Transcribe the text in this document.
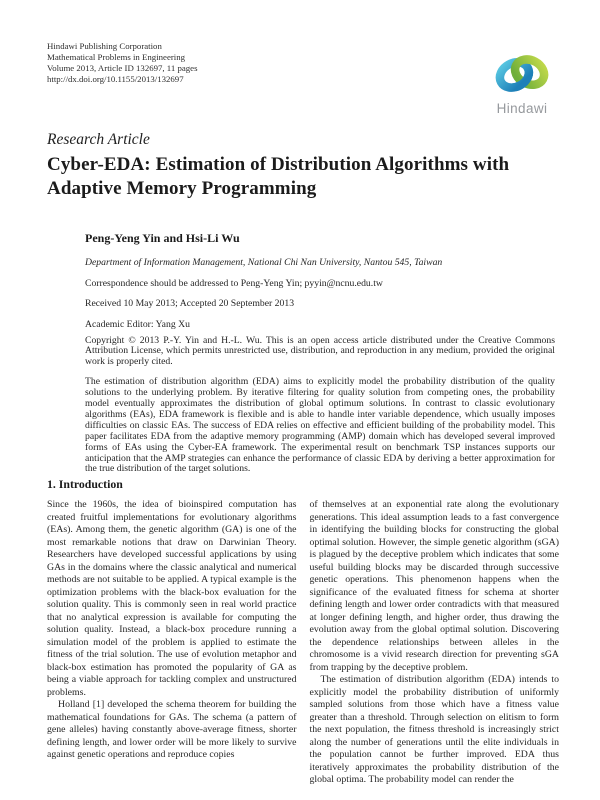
Hindawi Publishing Corporation
Mathematical Problems in Engineering
Volume 2013, Article ID 132697, 11 pages
http://dx.doi.org/10.1155/2013/132697
Hindawi
Research Article
Cyber-EDA: Estimation of Distribution Algorithms with Adaptive Memory Programming

Peng-Yeng Yin and Hsi-Li Wu

Department of Information Management, National Chi Nan University, Nantou 545, Taiwan

Correspondence should be addressed to Peng-Yeng Yin; pyyin@ncnu.edu.tw

Received 10 May 2013; Accepted 20 September 2013

Academic Editor: Yang Xu

Copyright © 2013 P.-Y. Yin and H.-L. Wu. This is an open access article distributed under the Creative Commons Attribution License, which permits unrestricted use, distribution, and reproduction in any medium, provided the original work is properly cited.

The estimation of distribution algorithm (EDA) aims to explicitly model the probability distribution of the quality solutions to the underlying problem. By iterative filtering for quality solution from competing ones, the probability model eventually approximates the distribution of global optimum solutions. In contrast to classic evolutionary algorithms (EAs), EDA framework is flexible and is able to handle inter variable dependence, which usually imposes difficulties on classic EAs. The success of EDA relies on effective and efficient building of the probability model. This paper facilitates EDA from the adaptive memory programming (AMP) domain which has developed several improved forms of EAs using the Cyber-EA framework. The experimental result on benchmark TSP instances supports our anticipation that the AMP strategies can enhance the performance of classic EDA by deriving a better approximation for the true distribution of the target solutions.

1. Introduction

Since the 1960s, the idea of bioinspired computation has created fruitful implementations for evolutionary algorithms (EAs). Among them, the genetic algorithm (GA) is one of the most remarkable notions that draw on Darwinian Theory. Researchers have developed successful applications by using GAs in the domains where the classic analytical and numerical methods are not suitable to be applied. A typical example is the optimization problems with the black-box evaluation for the solution quality. This is commonly seen in real world practice that no analytical expression is available for computing the solution quality. Instead, a black-box procedure running a simulation model of the problem is applied to estimate the fitness of the trial solution. The use of evolution metaphor and black-box estimation has promoted the popularity of GA as being a viable approach for tackling complex and unstructured problems.

Holland [1] developed the schema theorem for building the mathematical foundations for GAs. The schema (a pattern of gene alleles) having constantly above-average fitness, shorter defining length, and lower order will be more likely to survive against genetic operations and reproduce copies

of themselves at an exponential rate along the evolutionary generations. This ideal assumption leads to a fast convergence in identifying the building blocks for constructing the global optimal solution. However, the simple genetic algorithm (sGA) is plagued by the deceptive problem which indicates that some useful building blocks may be discarded through successive genetic operations. This phenomenon happens when the significance of the evaluated fitness for schema at shorter defining length and lower order contradicts with that measured at longer defining length, and higher order, thus drawing the evolution away from the global optimal solution. Discovering the dependence relationships between alleles in the chromosome is a vivid research direction for preventing sGA from trapping by the deceptive problem.

The estimation of distribution algorithm (EDA) intends to explicitly model the probability distribution of uniformly sampled solutions from those which have a fitness value greater than a threshold. Through selection on elitism to form the next population, the fitness threshold is increasingly strict along the number of generations until the elite individuals in the population cannot be further improved. EDA thus iteratively approximates the probability distribution of the global optima. The probability model can render the
